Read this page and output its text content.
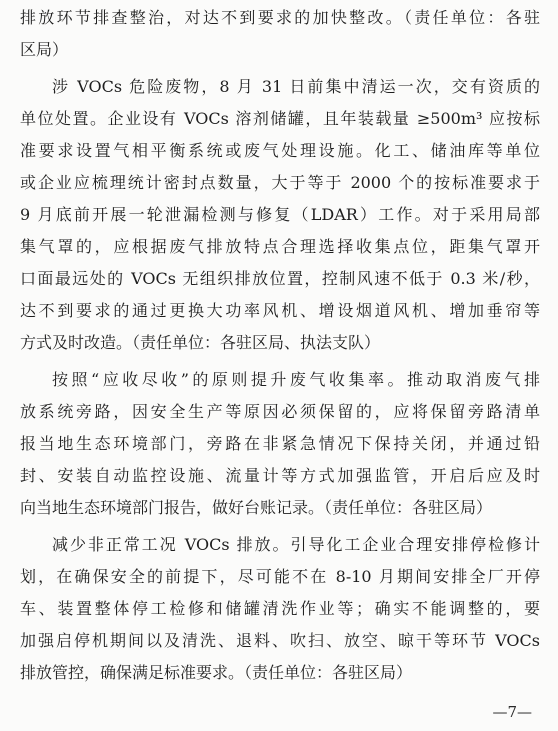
排放环节排查整治，对达不到要求的加快整改。（责任单位：各驻

区局）

涉 VOCs 危险废物，8 月 31 日前集中清运一次，交有资质的

单位处置。企业设有 VOCs 溶剂储罐，且年装载量 ≥500m³ 应按标

准要求设置气相平衡系统或废气处理设施。化工、储油库等单位

或企业应梳理统计密封点数量，大于等于 2000 个的按标准要求于

9 月底前开展一轮泄漏检测与修复（LDAR）工作。对于采用局部

集气罩的，应根据废气排放特点合理选择收集点位，距集气罩开

口面最远处的 VOCs 无组织排放位置，控制风速不低于 0.3 米/秒，

达不到要求的通过更换大功率风机、增设烟道风机、增加垂帘等

方式及时改造。（责任单位：各驻区局、执法支队）

按照“应收尽收”的原则提升废气收集率。推动取消废气排

放系统旁路，因安全生产等原因必须保留的，应将保留旁路清单

报当地生态环境部门，旁路在非紧急情况下保持关闭，并通过铅

封、安装自动监控设施、流量计等方式加强监管，开启后应及时

向当地生态环境部门报告，做好台账记录。（责任单位：各驻区局）

减少非正常工况 VOCs 排放。引导化工企业合理安排停检修计

划，在确保安全的前提下，尽可能不在 8-10 月期间安排全厂开停

车、装置整体停工检修和储罐清洗作业等；确实不能调整的，要

加强启停机期间以及清洗、退料、吹扫、放空、晾干等环节 VOCs

排放管控，确保满足标准要求。（责任单位：各驻区局）

—7—
